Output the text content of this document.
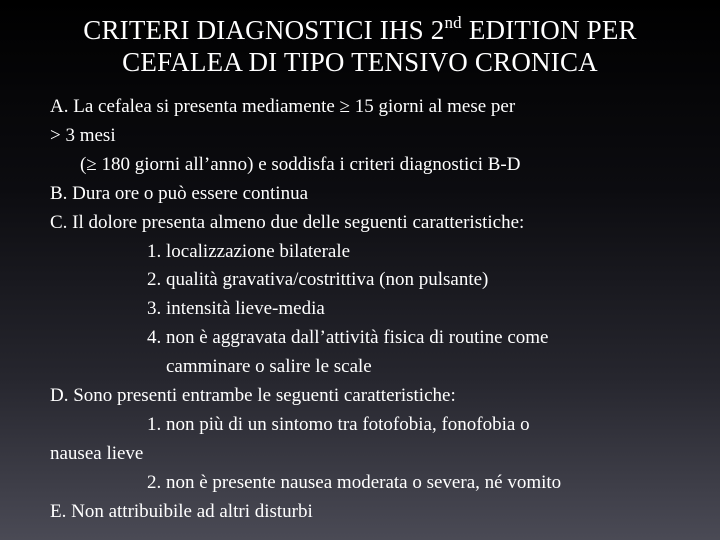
CRITERI DIAGNOSTICI IHS 2nd EDITION PER
CEFALEA DI TIPO TENSIVO CRONICA
A. La cefalea si presenta mediamente ≥ 15 giorni al mese per
> 3 mesi
(≥ 180 giorni all’anno) e soddisfa i criteri diagnostici B-D
B. Dura ore o può essere continua
C. Il dolore presenta almeno due delle seguenti caratteristiche:
1. localizzazione bilaterale
2. qualità gravativa/costrittiva (non pulsante)
3. intensità lieve-media
4. non è aggravata dall’attività fisica di routine come
camminare o salire le scale
D. Sono presenti entrambe le seguenti caratteristiche:
1. non più di un sintomo tra fotofobia, fonofobia o
nausea lieve
2. non è presente nausea moderata o severa, né vomito
E. Non attribuibile ad altri disturbi
